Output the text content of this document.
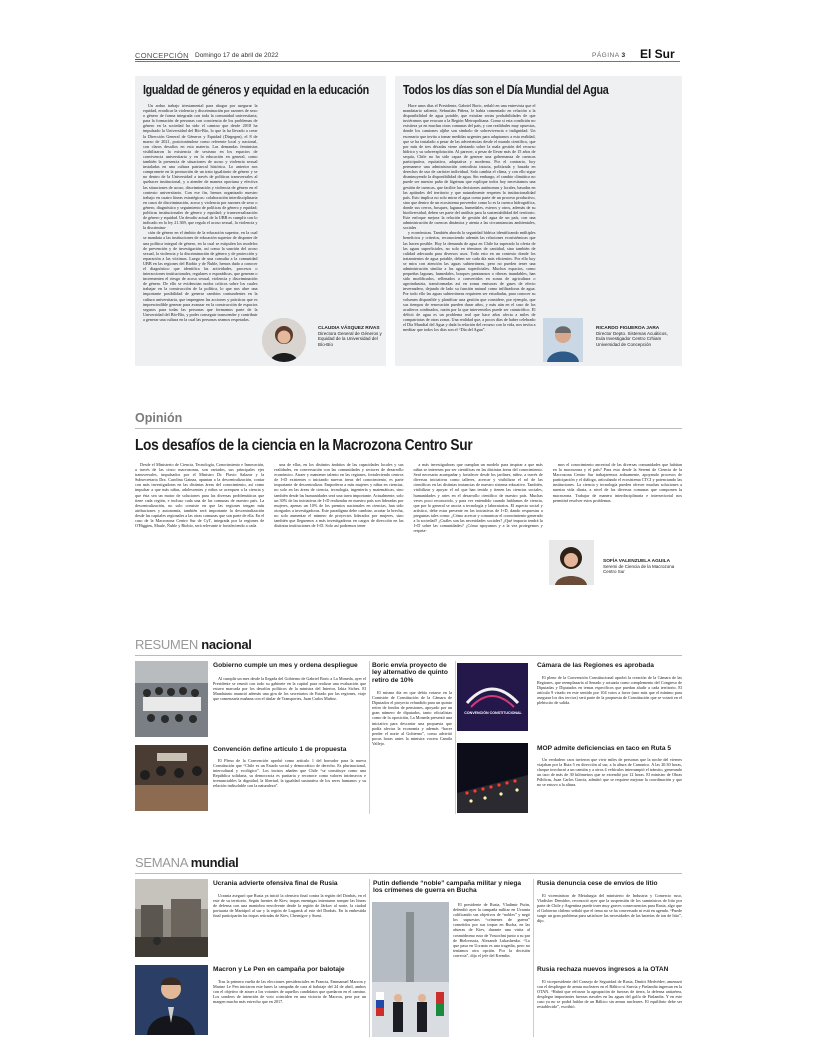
CONCEPCIÓN Domingo 17 de abril de 2022	PÁGINA 3 El Sur
Igualdad de géneros y equidad en la educación
Un arduo trabajo triestamental para abogar por asegurar la equidad, erradicar la violencia y discriminación por razones de sexo o género de forma integrada con toda la comunidad universitaria, para la formación de personas con conciencia de los problemas de género en la sociedad ha sido el camino que desde 2018 ha impulsado la Universidad del Bío-Bío, lo que la ha llevado a crear la Dirección General de Géneros y Equidad (Dirgegen), el 8 de marzo de 2021, posicionándose como referente local y nacional, con claros desafíos en esta materia. Las demandas feministas visibilizaron la existencia de sexismo en los espacios de convivencia universitaria y en la educación en general, como también la presencia de situaciones de acoso y violencia sexual instaladas en una cultura patriarcal histórica. Lo anterior nos compromete en la promoción de un trato igualitario de género y se no dentro de la Universidad a través de políticas transversales al quehacer institucional, y a atender de manera oportuna y efectiva las situaciones de acoso, discriminación y violencia de género en el contexto universitario. Con ese fin, hemos organizado nuestro trabajo en cuatro líneas estratégicas: colaboración interdisciplinaria en casos de discriminación, acoso y violencia por razones de sexo o género, diagnóstico y seguimiento de políticas de género y equidad; políticas institucionales de género y equidad; y transversalización de género y equidad. Un desafío actual de la UBB es cumplir con lo indicado en la ley 21.369, que regula el acoso sexual, la violencia y la discrimina-
ción de género en el ámbito de la educación superior, en la cual se mandata a las instituciones de educación superior de disponer de una política integral de género, en la cual se estipulen los modelos de prevención y de investigación, así como la sanción del acoso sexual, la violencia y la discriminación de género y de protección y reparación a las víctimas. Luego de una consulta a la comunidad UBB en las regiones del Biobío y de Ñuble, hemos dado a conocer el diagnóstico que identifica las actividades, procesos o interacciones institucionales, regulares o esporádicas, que generan o incrementen el riesgo de acoso sexual, violencia y discriminación de género. De ello se evidencian nodos críticos sobre los cuales trabajar en la construcción de la política, lo que nos abre una importante posibilidad de generar cambios contundentes en la cultura universitaria, que impregnen las acciones y prácticas que es imprescindible generar para avanzar en la construcción de espacios seguros para todas las personas que formamos parte de la Universidad del Bío-Bío, y poder conseguir transcender y contribuir a generar una cultura en la cual las personas seamos respetadas.
CLAUDIA VÁSQUEZ RIVAS
Directora General de Géneros y Equidad de la Universidad del Bío-Bío
Todos los días son el Día Mundial del Agua
Hace unos días el Presidente, Gabriel Boric, señaló en una entrevista que el mandatario saliente, Sebastián Piñera, le había comentado en relación a la disponibilidad de agua potable, que existían serias probabilidades de que tuviéramos que evacuar a la Región Metropolitana. Como si esta condición no existiera ya en muchas otras comunas del país, y con realidades muy opuestas, donde los camiones aljibe son símbolo de sobrevivencia e indignidad. Un escenario que invita a tomar medidas urgentes para adaptarnos a esta realidad, que se ha instalado a pesar de las advertencias desde el mundo científico, que por más de tres décadas viene alertando sobre la mala gestión del recurso hídrico y su sobreexplotación. Al parecer, a pesar de llevar más de 15 años de sequía, Chile no ha sido capaz de generar una gobernanza de cuencas participativa, equitativa, adaptativa y moderna. Por el contrario, hoy permanece una administración centralista intacta, politizada y basada en derechos de uso de carácter individual. Solo cambia el clima, y con ello sigue disminuyendo la disponibilidad de agua. Sin embargo, el cambio climático no puede ser nuestro paño de lágrimas que explique todos hoy necesitamos una gestión de cuencas, que facilite las decisiones autónomas y locales, basadas en las aptitudes del territorio y que naturalmente respeten la institucionalidad país. Esto implica no solo mirar el agua como parte de un proceso productivo, sino que dentro de un ecosistema proveedor como lo es la cuenca hidrográfica, donde sus cerros, bosques, lagunas, humedales, esteros y otros, además de su biodiversidad, deben ser parte del análisis para la sustentabilidad del territorio. Este enfoque mejora la relación de gestión del agua de un país, con una administración de cuencas dinámica y atenta a las circunstancias ambientales, sociales
y económicas. También aborda la seguridad hídrica identificando múltiples beneficios y criterios, reconociendo además las relaciones ecosistémicas que las hacen posible. Hoy la demanda de agua en Chile ha superado la oferta de las aguas superficiales, no solo en términos de cantidad, sino también de calidad adecuada para diversos usos. Todo esto en un contexto donde los tratamientos de agua potable, deben ser cada día más eficientes. Por ello hoy se mira con atención las aguas subterráneas, pero no pueden tener una administración similar a las aguas superficiales. Muchos espacios, como pequeñas lagunas, humedales, bosques pantanosos o riberas inundables, han sido modificados, rellenados o convertidos en zonas de agricultura o agroindustria, transformadas así en zonas emisoras de gases de efecto invernadero, dejando de lado su función natural como infiltradoras de agua. Por todo ello las aguas subterráneas requieren ser estudiadas, para conocer su volumen disponible y planificar una gestión que considere, por ejemplo, que sus tiempos de renovación pueden durar años, y más aún en el caso de los acuíferos confinados, razón por la que intervenirlos puede ser catastrófico. El déficit de agua es un problema real que hace años afecta a miles de compatriotas de otras zonas. Una realidad que, a pocos días de haber celebrado el Día Mundial del Agua y dada la relación del recurso con la vida, nos invita a meditar que todos los días son el “Día del Agua”.	RICARDO FIGUEROA JARA
Director Depto. Sistemas Acuáticos, Eula Investigador Centro Crhiam Universidad de Concepción
Opinión
Los desafíos de la ciencia en la Macrozona Centro Sur
Desde el Ministerio de Ciencia, Tecnología, Conocimiento e Innovación, a través de las cinco macrozonas, son variados, sus principales ejes transversales, impulsados por el Ministro Dr. Flavio Salazar y la Subsecretaria Dra. Carolina Gainza, apuntan a la descentralización, contar con más investigadoras en las distintas áreas del conocimiento, así como impulsar a que más niñas, adolescentes y niños se acerquen a la ciencia y que ésta sea un motor de soluciones para las diversas problemáticas que tiene cada región, e incluso cada una de las comunas de nuestro país. La descentralización, no solo consiste en que las regiones tengan más atribuciones y autonomía, también será importante la descentralización desde las capitales regionales a las otras comunas que son parte de ella. En el caso de la Macrozona Centro Sur de CyT, integrada por la regiones de O'Higgins, Maule, Ñuble y Biobío, será relevante ir fortaleciendo a cada
una de ellas, en los distintos ámbitos de las capacidades locales y sus realidades, en conversación con las comunidades y sectores de desarrollo económico. Atraer y mantener talento en las regiones, fortaleciendo centros de I+D existentes o iniciando nuevas áreas del conocimiento, es parte importante de descentralizar. Empoderar a más mujeres y niñas en ciencias, no solo en las áreas de ciencia, tecnología, ingeniería y matemáticas, sino también desde las humanidades será una tarea importante. Actualmente, solo un 30% de las iniciativas de I+D realizadas en nuestro país son lideradas por mujeres, apenas un 10% de los premios nacionales en ciencias, han sido otorgados a investigadoras. Este paradigma debe cambiar, acortar la brecha, no solo aumentar el número de proyectos liderados por mujeres, sino también que lleguemos a más investigadoras en cargos de dirección en las distintas instituciones de I+D. Solo así podremos tener
a más investigadoras que cumplan un modelo para inspirar a que más niñas se interesen por ser científicas en las distintas áreas del conocimiento. Será necesario acompañar y fortalecer desde los jardines, niñez, a través de diversas iniciativas como talleres, acercar y visibilizar el rol de las científicas en las distintas instancias de nuestro sistema educativo. También, visibilizar y apoyar el rol que han tenido y tienen las ciencias sociales, humanidades y artes en el desarrollo científico de nuestro país. Muchas veces poco reconocido, y para ver entendido cuando hablamos de ciencia, que por lo general se asocia a tecnología y laboratorios. El aspecto social y artístico, debe estar presente en las iniciativas de I+D, dando respuestas a preguntas tales como: ¿Cómo acercar y comunicar el conocimiento generado a la sociedad? ¿Cuáles son las necesidades sociales? ¿Qué impacto tendrá la I+D sobre las comunidades? ¿Cómo apoyamos y a la vez protegemos y respeta-
mos el conocimiento ancestral de las diversas comunidades que habitan en la macrozona y el país? Para esto desde la Seremi de Ciencia de la Macrozona Centro Sur trabajaremos arduamente, apoyando procesos de participación y el diálogo, articulando el ecosistema CTCI y potenciando las instituciones. La ciencia y tecnología pueden ofrecer muchas soluciones a nuestra vida diaria, a nivel de las diversas comunas que componen la macrozona. Trabajar de manera interdisciplinaria e intersectorial nos permitirá resolver estos problemas.
SOFÍA VALENZUELA AGUILA
Seremi de Ciencia de la Macrozona Centro Sur
RESUMEN nacional
Gobierno cumple un mes y ordena despliegue
Al cumplir un mes desde la llegada del Gobierno de Gabriel Boric a La Moneda, ayer el Presidente se reunió con todo su gabinete en la capital para realizar una evaluación que estuvo marcada por los desafíos políticos de la ministra del Interior, Izkia Siches. El Mandatario anunció además una gira de los secretarios de Estado por las regiones, viaje que comenzaría mañana con el titular de Transportes, Juan Carlos Muñoz.
Convención define artículo 1 de propuesta
El Pleno de la Convención aprobó como artículo 1 del borrador para la nueva Constitución que “Chile es un Estado social y democrático de derecho. Es plurinacional, intercultural y ecológico”. Los incisos añaden que Chile “se constituye como una República solidaria, su democracia es paritaria y reconoce como valores intrínsecos e irrenunciables la dignidad, la libertad, la igualdad sustantiva de los seres humanos y su relación indisoluble con la naturaleza”.
Boric envía proyecto de ley alternativo de quinto retiro de 10%
El mismo día en que debía votarse en la Comisión de Constitución de la Cámara de Diputados el proyecto refundido para un quinto retiro de fondos de pensiones, apoyado por un gran número de diputados, tanto oficialistas como de la oposición, La Moneda presentó una iniciativa para descartar una propuesta que podía afectar la economía y además “hacer perder el norte al Gobierno”, como advirtió pocas horas antes la ministra vocera Camila Vallejo.
CONVENCIÓN CONSTITUCIONAL
Cámara de las Regiones es aprobada
El pleno de la Convención Constitucional aprobó la creación de la Cámara de las Regiones, que reemplazaría al Senado y actuaría como complemento del Congreso de Diputadas y Diputados en temas específicos que puedan aludir a cada territorio. El artículo 9 visado en este sentido por 104 votos a favor (uno más que el mínimo para asegurar los dos tercios) será parte de la propuesta de Constitución que se votará en el plebiscito de salida.
MOP admite deficiencias en taco en Ruta 5
Un verdadero caos tuvieron que vivir miles de personas que la noche del viernes viajaban por la Ruta 5 en dirección al sur, a la altura de Camarico. A las 20.30 horas, choque involucró a un camión y a otros 4 vehículos interrumpió el tránsito, generando un taco de más de 30 kilómetros que se extendió por 12 horas. El ministro de Obras Públicas, Juan Carlos García, admitió que se requiere mejorar la coordinación y que no se estuvo a la altura.
SEMANA mundial
Ucrania advierte ofensiva final de Rusia
Ucrania aseguró que Rusia ya inició la ofensiva final contra la región del Donbás, en el este de su territorio. Según fuentes de Kiev, tropas enemigas intentaron romper las líneas de defensa con una maniobra envolvente desde la región de Járkov al norte, la ciudad portuaria de Mariúpol al sur y la región de Lugansk al este del Donbás. En la embestida final participarán las tropas retiradas de Kiev, Chernígov y Sumi.
Macron y Le Pen en campaña por balotaje
Tras la primera vuelta de las elecciones presidenciales en Francia, Emmanuel Macron y Marine Le Pen iniciaron este lunes la campaña de cara al balotaje del 24 de abril, ambos con el objetivo de atraer a los votantes de aquellos candidatos que quedaron en el camino. Los sondeos de intención de voto coinciden en una victoria de Macron, pero por un margen mucho más estrecho que en 2017.
Putin defiende “noble” campaña militar y niega los crímenes de guerra en Bucha
El presidente de Rusia, Vladimir Putin, defendió ayer la campaña militar en Ucrania calificando sus objetivos de “nobles” y negó los supuestos “crímenes de guerra” cometidos por sus tropas en Bucha, en las afueras de Kiev, durante una visita al cosmódromo ruso de Vostochni junto a su par de Bielorrusia, Alexandr Lukashenko. “Lo que pasa en Ucrania es una tragedia, pero no teníamos otra opción. Por la decisión correcta”, dijo el jefe del Kremlin.
Rusia denuncia cese de envíos de litio
El viceministro de Metalurgia del ministerio de Industria y Comercio ruso, Vladislav Demídov, reconoció ayer que la suspensión de los suministros de litio por parte de Chile y Argentina puede traer muy graves consecuencias para Rusia, algo que el Gobierno chileno señaló que el tema no se ha conversado ni está en agenda. “Puede surgir un gran problema para satisfacer las necesidades de las baterías de ion de litio”, dijo.
Rusia rechaza nuevos ingresos a la OTAN
El vicepresidente del Consejo de Seguridad de Rusia, Dmitri Medvédev, amenazó con el despliegue de armas nucleares en el Báltico si Suecia y Finlandia ingresan en la OTAN. “Habrá que reforzar la agrupación de fuerzas de tierra, la defensa antiaérea, desplegar importantes fuerzas navales en las aguas del golfo de Finlandia. Y en este caso ya no se podrá hablar de un Báltico sin armas nucleares. El equilibrio debe ser restablecido”, escribió.
